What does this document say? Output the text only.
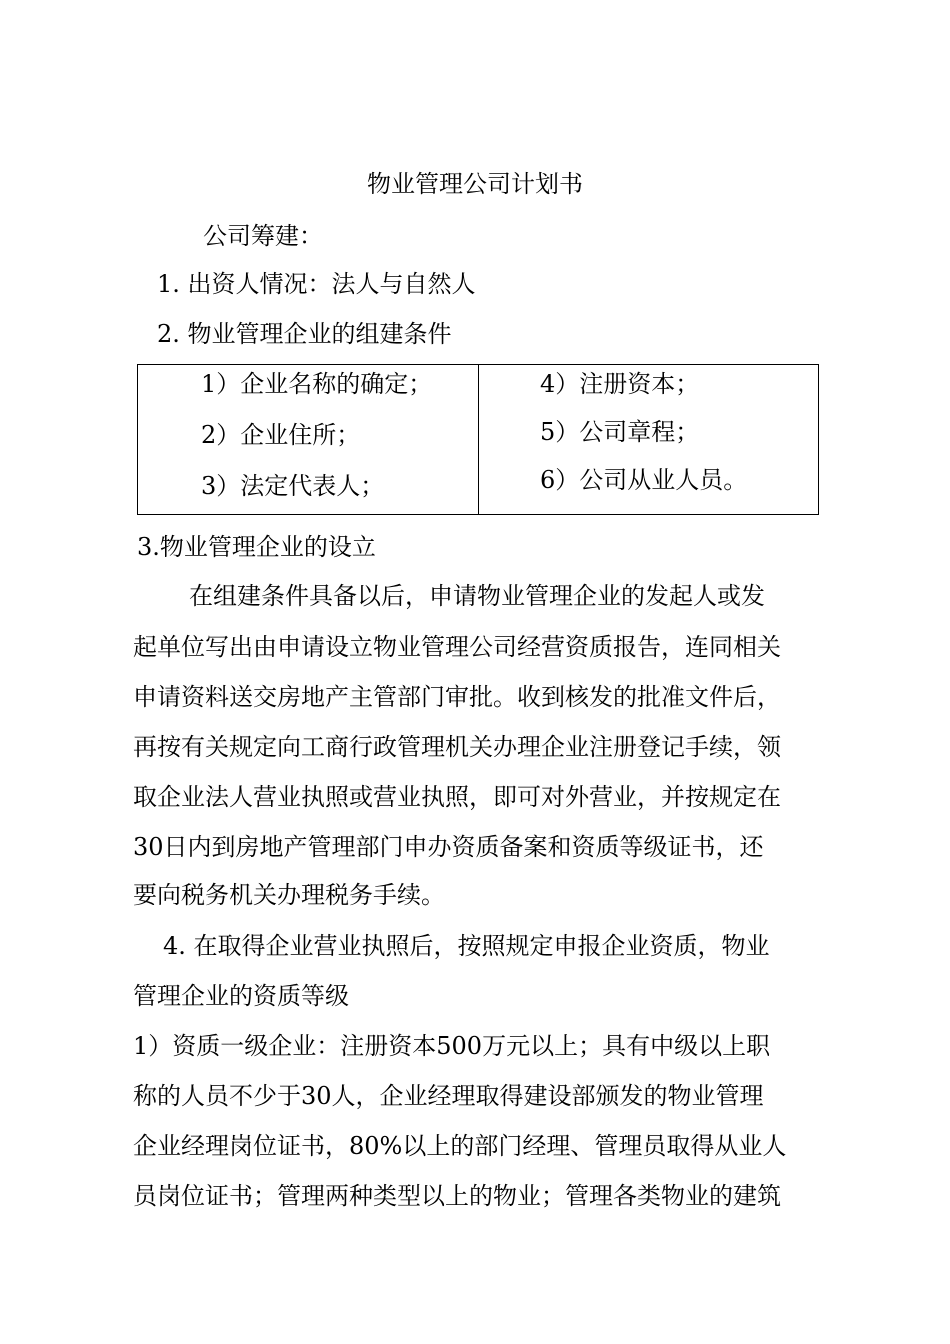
物业管理公司计划书
公司筹建：
1. 出资人情况：法人与自然人
2. 物业管理企业的组建条件
1）企业名称的确定；
2）企业住所；
3）法定代表人；
4）注册资本；
5）公司章程；
6）公司从业人员。
3.物业管理企业的设立
在组建条件具备以后，申请物业管理企业的发起人或发
起单位写出由申请设立物业管理公司经营资质报告，连同相关
申请资料送交房地产主管部门审批。收到核发的批准文件后，
再按有关规定向工商行政管理机关办理企业注册登记手续，领
取企业法人营业执照或营业执照，即可对外营业，并按规定在
30日内到房地产管理部门申办资质备案和资质等级证书，还
要向税务机关办理税务手续。
4. 在取得企业营业执照后，按照规定申报企业资质，物业
管理企业的资质等级
1）资质一级企业：注册资本500万元以上；具有中级以上职
称的人员不少于30人，企业经理取得建设部颁发的物业管理
企业经理岗位证书，80%以上的部门经理、管理员取得从业人
员岗位证书；管理两种类型以上的物业；管理各类物业的建筑
